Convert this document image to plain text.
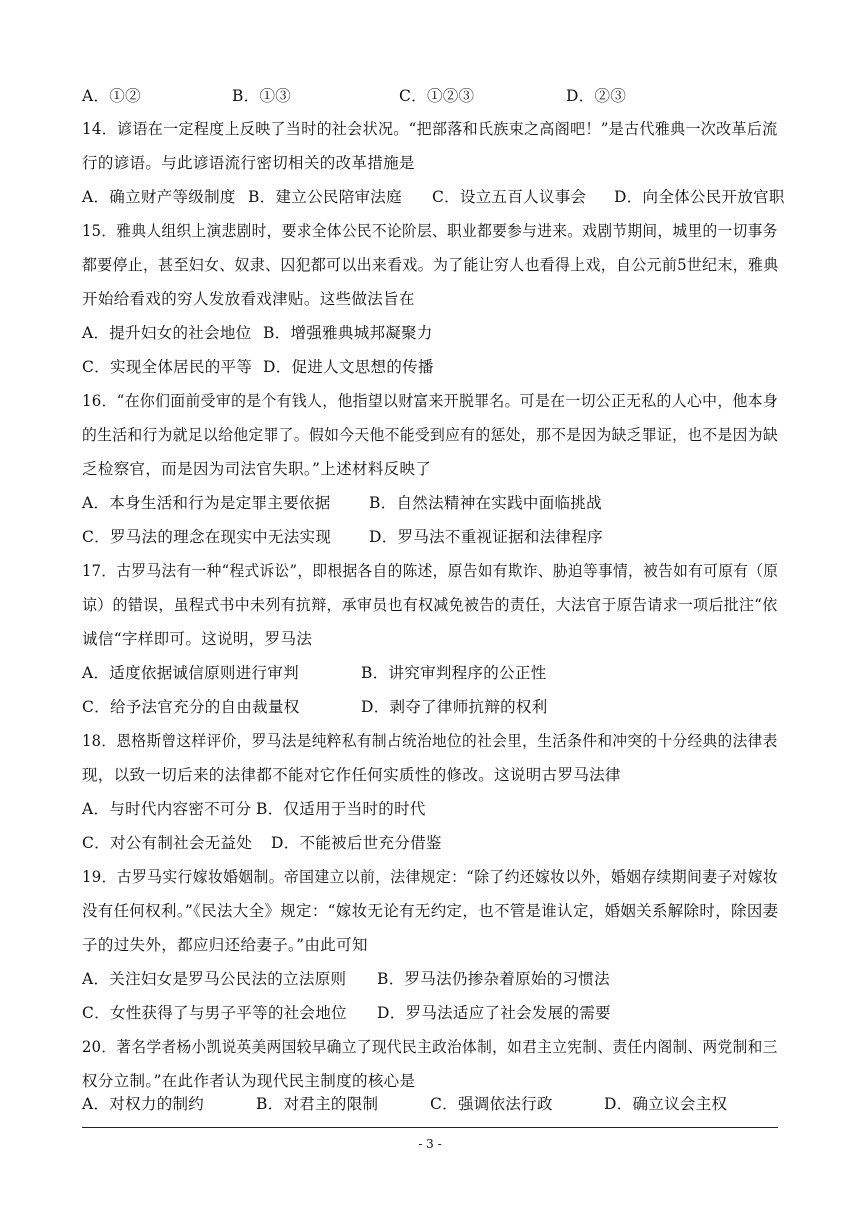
A．①②	B．①③	C．①②③	D．②③
14．谚语在一定程度上反映了当时的社会状况。“把部落和氏族束之高阁吧！”是古代雅典一次改革后流
行的谚语。与此谚语流行密切相关的改革措施是
A．确立财产等级制度 B．建立公民陪审法庭 C．设立五百人议事会 D．向全体公民开放官职
15．雅典人组织上演悲剧时，要求全体公民不论阶层、职业都要参与进来。戏剧节期间，城里的一切事务
都要停止，甚至妇女、奴隶、囚犯都可以出来看戏。为了能让穷人也看得上戏，自公元前5世纪末，雅典
开始给看戏的穷人发放看戏津贴。这些做法旨在
A．提升妇女的社会地位 B．增强雅典城邦凝聚力
C．实现全体居民的平等 D．促进人文思想的传播
16．“在你们面前受审的是个有钱人，他指望以财富来开脱罪名。可是在一切公正无私的人心中，他本身
的生活和行为就足以给他定罪了。假如今天他不能受到应有的惩处，那不是因为缺乏罪证，也不是因为缺
乏检察官，而是因为司法官失职。”上述材料反映了
A．本身生活和行为是定罪主要依据 B．自然法精神在实践中面临挑战
C．罗马法的理念在现实中无法实现 D．罗马法不重视证据和法律程序
17．古罗马法有一种“程式诉讼”，即根据各自的陈述，原告如有欺诈、胁迫等事情，被告如有可原有（原
谅）的错误，虽程式书中未列有抗辩，承审员也有权减免被告的责任，大法官于原告请求一项后批注“依
诚信“字样即可。这说明，罗马法
A．适度依据诚信原则进行审判	B．讲究审判程序的公正性
C．给予法官充分的自由裁量权	D．剥夺了律师抗辩的权利
18．恩格斯曾这样评价，罗马法是纯粹私有制占统治地位的社会里，生活条件和冲突的十分经典的法律表
现，以致一切后来的法律都不能对它作任何实质性的修改。这说明古罗马法律
A．与时代内容密不可分 B．仅适用于当时的时代
C．对公有制社会无益处 D．不能被后世充分借鉴
19．古罗马实行嫁妆婚姻制。帝国建立以前，法律规定：“除了约还嫁妆以外，婚姻存续期间妻子对嫁妆
没有任何权利。”《民法大全》规定：“嫁妆无论有无约定，也不管是谁认定，婚姻关系解除时，除因妻
子的过失外，都应归还给妻子。”由此可知
A．关注妇女是罗马公民法的立法原则 B．罗马法仍掺杂着原始的习惯法
C．女性获得了与男子平等的社会地位 D．罗马法适应了社会发展的需要
20．著名学者杨小凯说英美两国较早确立了现代民主政治体制，如君主立宪制、责任内阁制、两党制和三
权分立制。”在此作者认为现代民主制度的核心是
A．对权力的制约	B．对君主的限制	C．强调依法行政	D．确立议会主权
- 3 -
